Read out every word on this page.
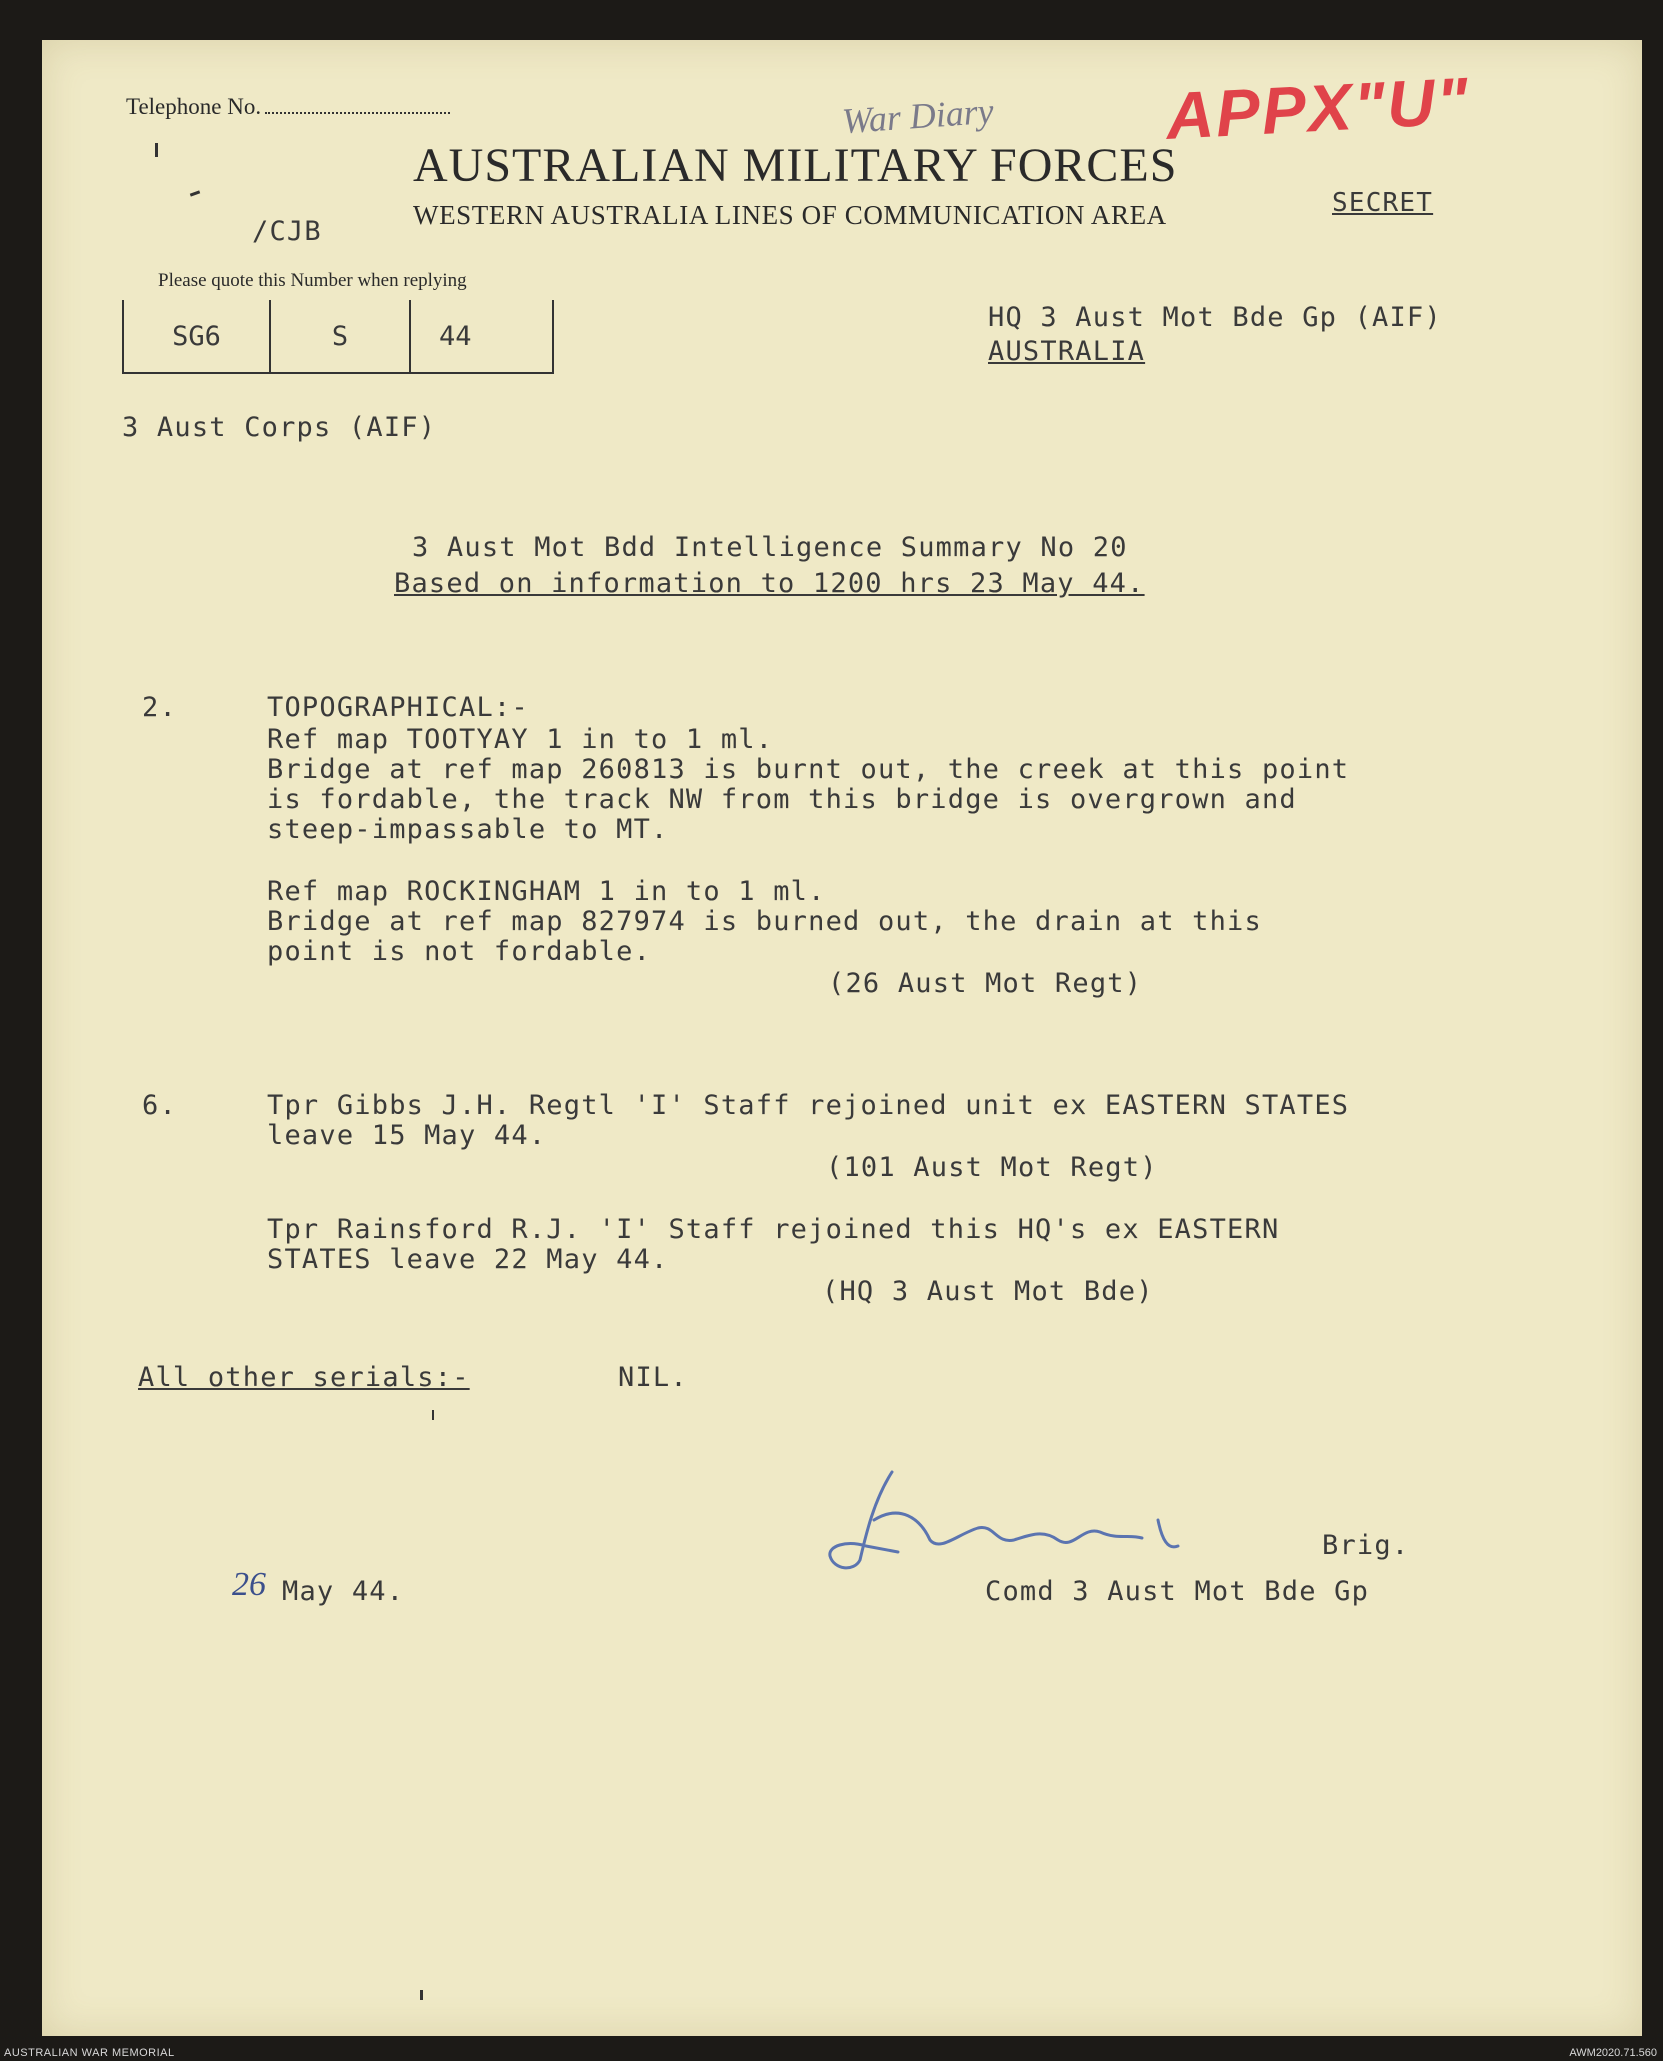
APPX"U"
War Diary
Telephone No.
AUSTRALIAN MILITARY FORCES
WESTERN AUSTRALIA LINES OF COMMUNICATION AREA	SECRET
/CJB
Please quote this Number when replying
SG6	S	44
HQ 3 Aust Mot Bde Gp (AIF)
AUSTRALIA
3 Aust Corps (AIF)
3 Aust Mot Bdd Intelligence Summary No 20
Based on information to 1200 hrs 23 May 44.
2.	TOPOGRAPHICAL:-
Ref map TOOTYAY 1 in to 1 ml.
Bridge at ref map 260813 is burnt out, the creek at this point
is fordable, the track NW from this bridge is overgrown and
steep-impassable to MT.
Ref map ROCKINGHAM 1 in to 1 ml.
Bridge at ref map 827974 is burned out, the drain at this
point is not fordable.
(26 Aust Mot Regt)
6.	Tpr Gibbs J.H. Regtl 'I' Staff rejoined unit ex EASTERN STATES
leave 15 May 44.
(101 Aust Mot Regt)
Tpr Rainsford R.J. 'I' Staff rejoined this HQ's ex EASTERN
STATES leave 22 May 44.
(HQ 3 Aust Mot Bde)
All other serials:-	NIL.
Brig.
Comd 3 Aust Mot Bde Gp
26 May 44.
AUSTRALIAN WAR MEMORIAL	AWM2020.71.560
